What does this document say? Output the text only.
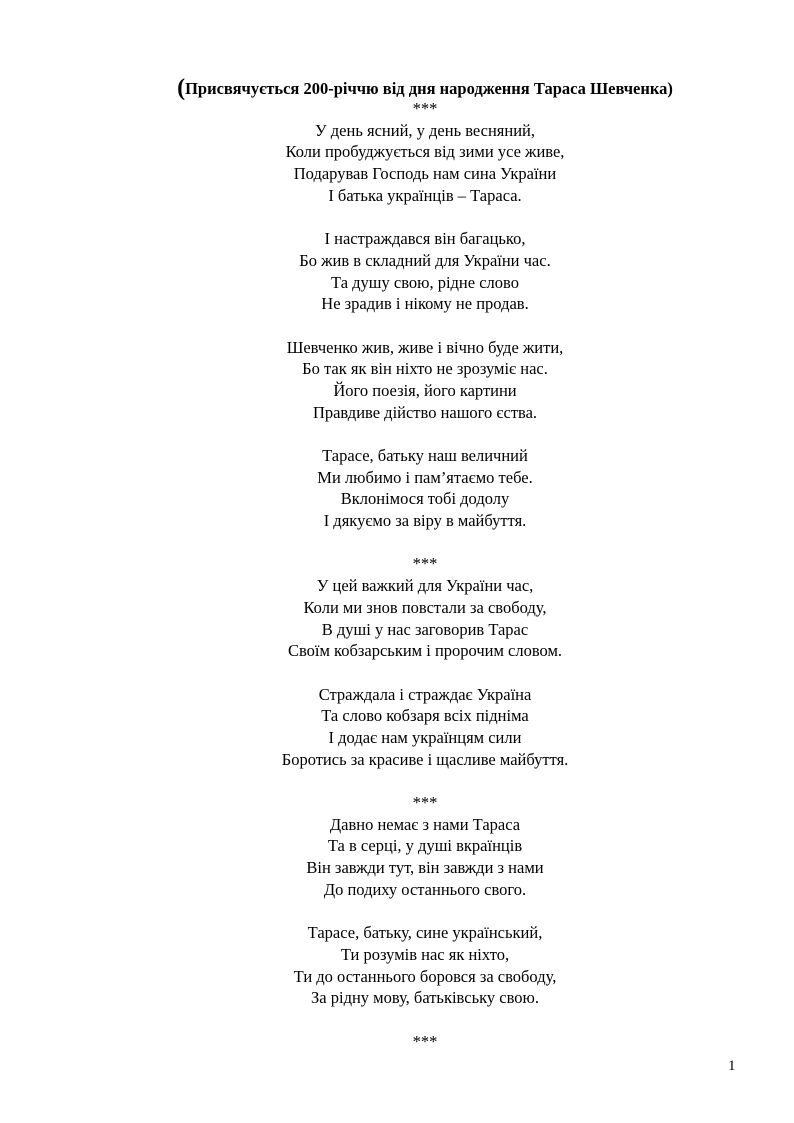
(Присвячується 200-річчю від дня народження Тараса Шевченка)
***
У день ясний, у день весняний,
Коли пробуджується від зими усе живе,
Подарував Господь нам сина України
І батька українців – Тараса.
І настраждався він багацько,
Бо жив в складний для України час.
Та душу свою, рідне слово
Не зрадив і нікому не продав.
Шевченко жив, живе і вічно буде жити,
Бо так як він ніхто не зрозуміє нас.
Його поезія, його картини
Правдиве дійство нашого єства.
Тарасе, батьку наш величний
Ми любимо і пам’ятаємо тебе.
Вклонімося тобі додолу
І дякуємо за віру в майбуття.
***
У цей важкий для України час,
Коли ми знов повстали за свободу,
В душі у нас заговорив Тарас
Своїм кобзарським і пророчим словом.
Страждала і страждає Україна
Та слово кобзаря всіх підніма
І додає нам українцям сили
Боротись за красиве і щасливе майбуття.
***
Давно немає з нами Тараса
Та в серці, у душі вкраїнців
Він завжди тут, він завжди з нами
До подиху останнього свого.
Тарасе, батьку, сине український,
Ти розумів нас як ніхто,
Ти до останнього боровся за свободу,
За рідну мову, батьківську свою.
***
1
